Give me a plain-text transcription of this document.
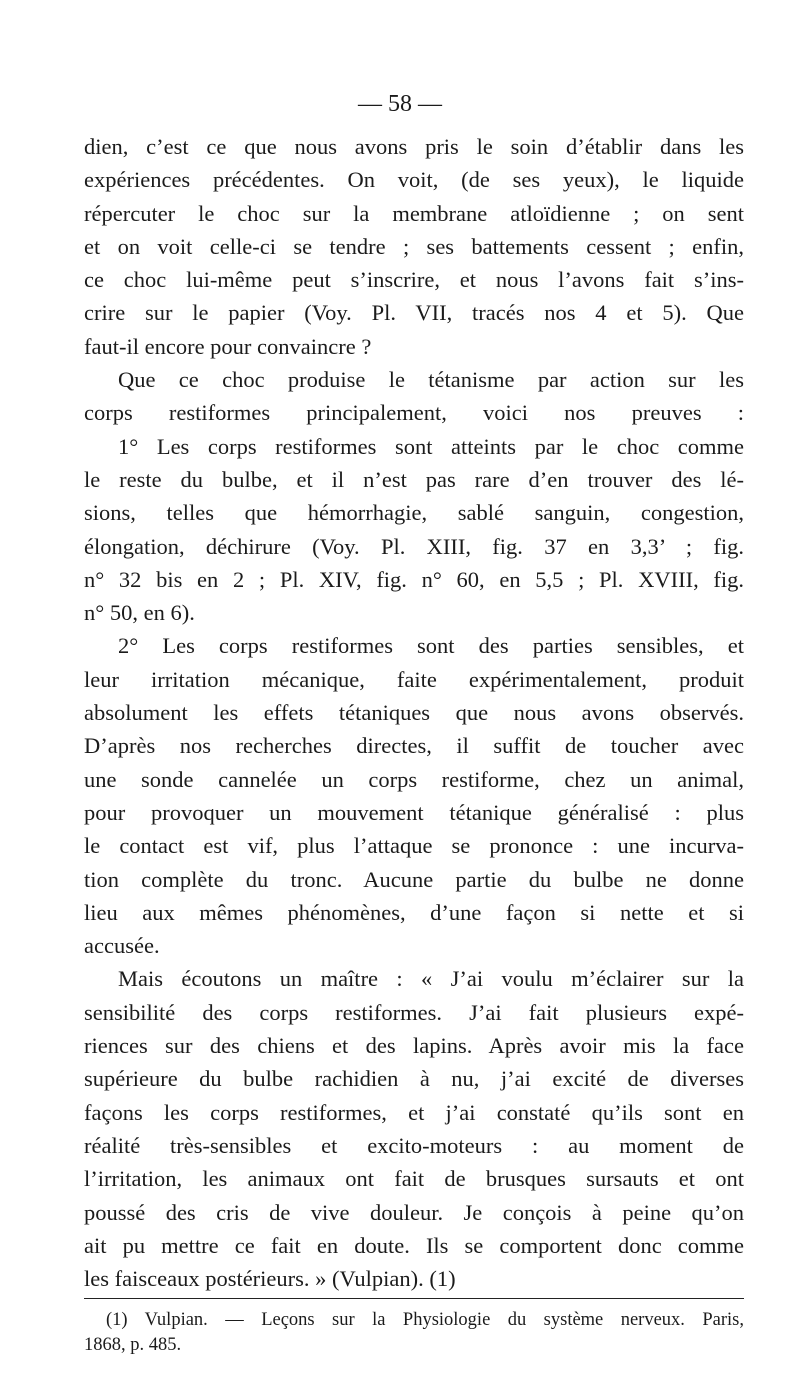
— 58 —
dien, c’est ce que nous avons pris le soin d’établir dans les
expériences précédentes. On voit, (de ses yeux), le liquide
répercuter le choc sur la membrane atloïdienne ; on sent
et on voit celle-ci se tendre ; ses battements cessent ; enfin,
ce choc lui-même peut s’inscrire, et nous l’avons fait s’ins-
crire sur le papier (Voy. Pl. VII, tracés nos 4 et 5). Que
faut-il encore pour convaincre ?
Que ce choc produise le tétanisme par action sur les
corps restiformes principalement, voici nos preuves :
1° Les corps restiformes sont atteints par le choc comme
le reste du bulbe, et il n’est pas rare d’en trouver des lé-
sions, telles que hémorrhagie, sablé sanguin, congestion,
élongation, déchirure (Voy. Pl. XIII, fig. 37 en 3,3’ ; fig.
n° 32 bis en 2 ; Pl. XIV, fig. n° 60, en 5,5 ; Pl. XVIII, fig.
n° 50, en 6).
2° Les corps restiformes sont des parties sensibles, et
leur irritation mécanique, faite expérimentalement, produit
absolument les effets tétaniques que nous avons observés.
D’après nos recherches directes, il suffit de toucher avec
une sonde cannelée un corps restiforme, chez un animal,
pour provoquer un mouvement tétanique généralisé : plus
le contact est vif, plus l’attaque se prononce : une incurva-
tion complète du tronc. Aucune partie du bulbe ne donne
lieu aux mêmes phénomènes, d’une façon si nette et si
accusée.
Mais écoutons un maître : « J’ai voulu m’éclairer sur la
sensibilité des corps restiformes. J’ai fait plusieurs expé-
riences sur des chiens et des lapins. Après avoir mis la face
supérieure du bulbe rachidien à nu, j’ai excité de diverses
façons les corps restiformes, et j’ai constaté qu’ils sont en
réalité très-sensibles et excito-moteurs : au moment de
l’irritation, les animaux ont fait de brusques sursauts et ont
poussé des cris de vive douleur. Je conçois à peine qu’on
ait pu mettre ce fait en doute. Ils se comportent donc comme
les faisceaux postérieurs. » (Vulpian). (1)
(1) Vulpian. — Leçons sur la Physiologie du système nerveux. Paris,
1868, p. 485.
